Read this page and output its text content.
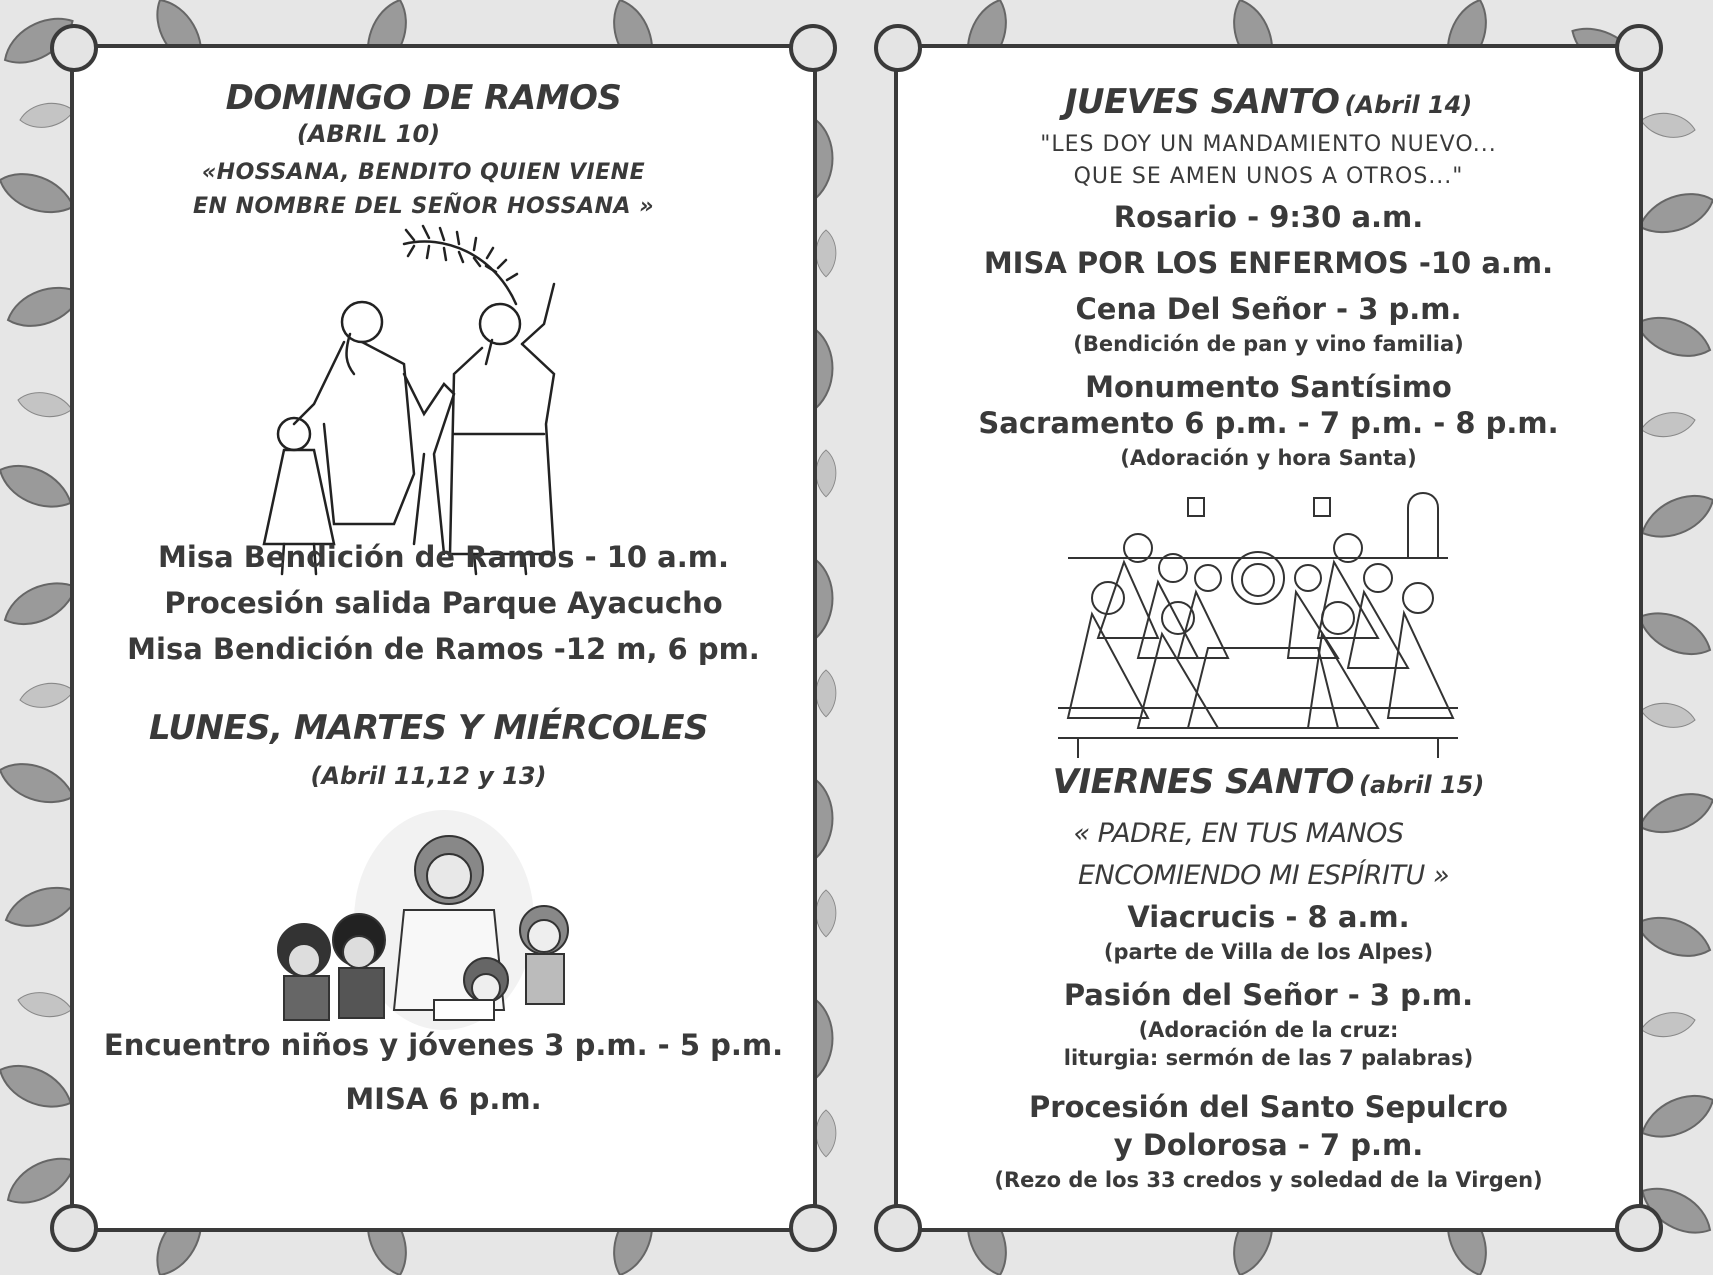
DOMINGO DE RAMOS
(ABRIL 10)
«HOSSANA, BENDITO QUIEN VIENE
EN NOMBRE DEL SEÑOR HOSSANA »
Misa Bendición de Ramos - 10 a.m.
Procesión salida Parque Ayacucho
Misa Bendición de Ramos -12 m, 6 pm.
LUNES, MARTES Y MIÉRCOLES
(Abril 11,12 y 13)
Encuentro niños y jóvenes 3 p.m. - 5 p.m.
MISA 6 p.m.
JUEVES SANTO (Abril 14)
"LES DOY UN MANDAMIENTO NUEVO...
QUE SE AMEN UNOS A OTROS..."
Rosario - 9:30 a.m.
MISA POR LOS ENFERMOS -10 a.m.
Cena Del Señor - 3 p.m.
(Bendición de pan y vino familia)
Monumento Santísimo
Sacramento 6 p.m. - 7 p.m. - 8 p.m.
(Adoración y hora Santa)
VIERNES SANTO (abril 15)
« PADRE, EN TUS MANOS
ENCOMIENDO MI ESPÍRITU »
Viacrucis - 8 a.m.
(parte de Villa de los Alpes)
Pasión del Señor - 3 p.m.
(Adoración de la cruz:
liturgia: sermón de las 7 palabras)
Procesión del Santo Sepulcro
y Dolorosa - 7 p.m.
(Rezo de los 33 credos y soledad de la Virgen)
